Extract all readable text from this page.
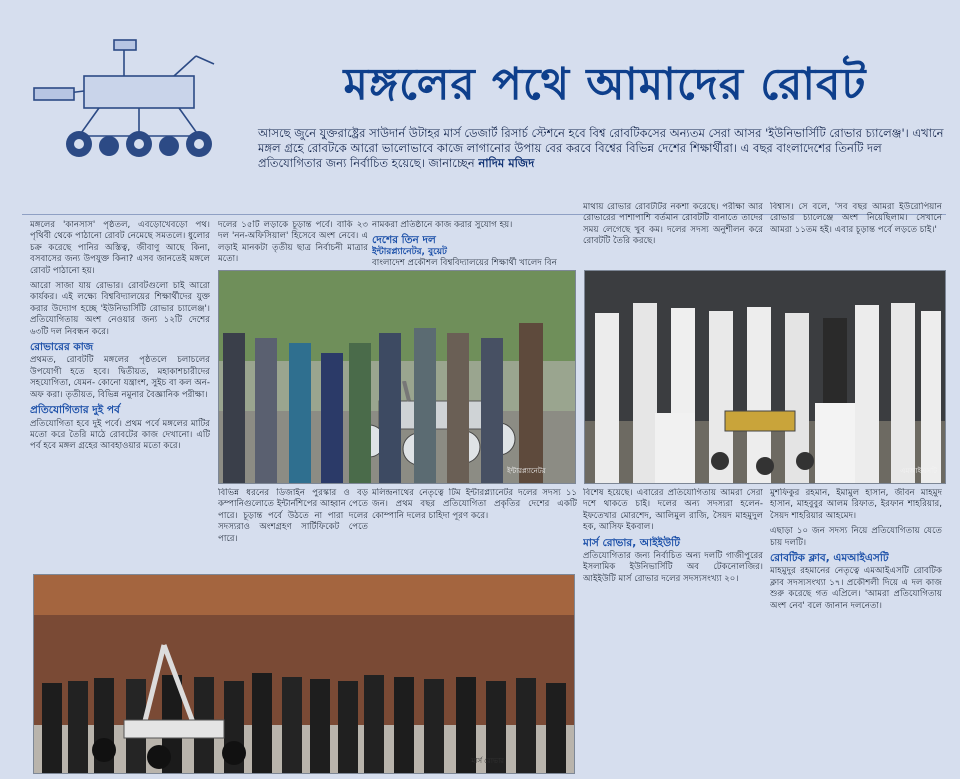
মঙ্গলের পথে আমাদের রোবট
আসছে জুনে যুক্তরাষ্ট্রের সাউদার্ন উটাহর মার্স ডেজার্ট রিসার্চ স্টেশনে হবে বিশ্ব রোবটিকসের অন্যতম সেরা আসর 'ইউনিভার্সিটি রোভার চ্যালেঞ্জ'। এখানে মঙ্গল গ্রহে রোবটকে আরো ভালোভাবে কাজে লাগানোর উপায় বের করবে বিশ্বের বিভিন্ন দেশের শিক্ষার্থীরা। এ বছর বাংলাদেশের তিনটি দল প্রতিযোগিতার জন্য নির্বাচিত হয়েছে। জানাচ্ছেন নাদিম মজিদ
মঙ্গলের 'কানসাস' পৃষ্ঠতল, এবড়োখেবড়ো পথ। পৃথিবী থেকে পাঠানো রোবট নেমেছে সমতলে। ধুলোর চক্র করেছে পানির অস্তিত্ব, জীবাণু আছে কিনা, বসবাসের জন্য উপযুক্ত কিনা? এসব জানতেই মঙ্গলে রোবট পাঠানো হয়।
আরো সাজা যায় রোভার। রোবটগুলো চাই আরো কার্যকর। এই লক্ষ্যে বিশ্ববিদ্যালয়ের শিক্ষার্থীদের যুক্ত করার উদ্যোগ হচ্ছে 'ইউনিভার্সিটি রোভার চ্যালেঞ্জ'। প্রতিযোগিতায় অংশ নেওয়ার জন্য ১২টি দেশের ৬৩টি দল নিবন্ধন করে।
রোভারের কাজ
প্রথমত, রোবটটি মঙ্গলের পৃষ্ঠতলে চলাচলের উপযোগী হতে হবে। দ্বিতীয়ত, মহাকাশচারীদের সহযোগিতা, যেমন- কোনো যন্ত্রাংশ, সুইচ বা কল অন-অফ করা। তৃতীয়ত, বিভিন্ন নমুনার বৈজ্ঞানিক পরীক্ষা।
প্রতিযোগিতার দুই পর্ব
প্রতিযোগিতা হবে দুই পর্বে। প্রথম পর্বে মঙ্গলের মাটির মতো করে তৈরি মাঠে রোবটের কাজ দেখানো। এটি পর্ব হবে মঙ্গল গ্রহের আবহাওয়ার মতো করে।
দলের ১৫টি লড়াকে চূড়ান্ত পর্বে। বাকি ২৩ দল 'নন-অফিসিয়াল' হিসেবে অংশ নেবে। এ লড়াই মানকটা তৃতীয় ছাত্র নির্বাচনী মাত্রার মতো।
নামকরা প্রতিষ্ঠানে কাজ করার সুযোগ হয়।
দেশের তিন দল
ইন্টারপ্ল্যানেটর, বুয়েট
বাংলাদেশ প্রকৌশল বিশ্ববিদ্যালয়ের শিক্ষার্থী খালেদ বিন
মাথায় রোভার রোবটটির নকশা করেছে। পরীক্ষা আর রোভারের পাশাপাশি বর্তমান রোবটটি বানাতে তাদের সময় লেগেছে খুব কম। দলের সদস্য অনুশীলন করে রোবটটি তৈরি করছে।
বিশ্বাস। সে বলে, 'সব বছর আমরা ইউরোপিয়ান রোভার চ্যালেঞ্জে অংশ নিয়েছিলাম। সেখানে আমরা ১১তম হই। এবার চূড়ান্ত পর্বে লড়তে চাই।'
ইন্টারপ্ল্যানেটর	এমআইএসটি
বিভিন্ন ধরনের ডিজাইন পুরস্কার ও বড় কম্পানিগুলোতে ইন্টার্নশিপের আহ্বান পেতে পারে। চূড়ান্ত পর্বে উঠতে না পারা দলের সদস্যরাও অংশগ্রহণ সার্টিফিকেট পেতে পারে।
মলিন্দ্রনাথের নেতৃত্বে টিম ইন্টারপ্ল্যানেটর দলের সদস্য ১১ জন। প্রথম বছর প্রতিযোগিতা প্রকৃতির দেশের একটি কোম্পানি দলের চাহিদা পূরণ করে।
বিশেষ হয়েছে। এবারের প্রতিযোগিতায় আমরা সেরা দশে থাকতে চাই। দলের অন্য সদস্যরা হলেন- ইফতেখার মোরশেদ, আলিমুল রাজি, সৈয়দ মাহমুদুল হক, আসিফ ইকবাল।
মার্স রোভার, আইইউটি
প্রতিযোগিতার জন্য নির্বাচিত অন্য দলটি গাজীপুরের ইসলামিক ইউনিভার্সিটি অব টেকনোলজির। আইইউটি মার্স রোভার দলের সদস্যসংখ্যা ২০।
মুশফিকুর রহমান, ইমামুল হাসান, জীবন মাহমুদ হাসান, মাহবুবুর আলম রিফাত, ইরফান শাহরিয়ার, সৈয়দ শাহরিয়ার আহমেদ।
এছাড়া ১০ জন সদস্য নিয়ে প্রতিযোগিতায় যেতে চায় দলটি।
রোবটিক ক্লাব, এমআইএসটি
মাহমুদুর রহমানের নেতৃত্বে এমআইএসটি রোবটিক ক্লাব সদস্যসংখ্যা ১৭। প্রকৌশলী দিয়ে এ দল কাজ শুরু করেছে গত এপ্রিলে। 'আমরা প্রতিযোগিতায় অংশ নেব' বলে জানান দলনেতা।
মার্স রোভার
